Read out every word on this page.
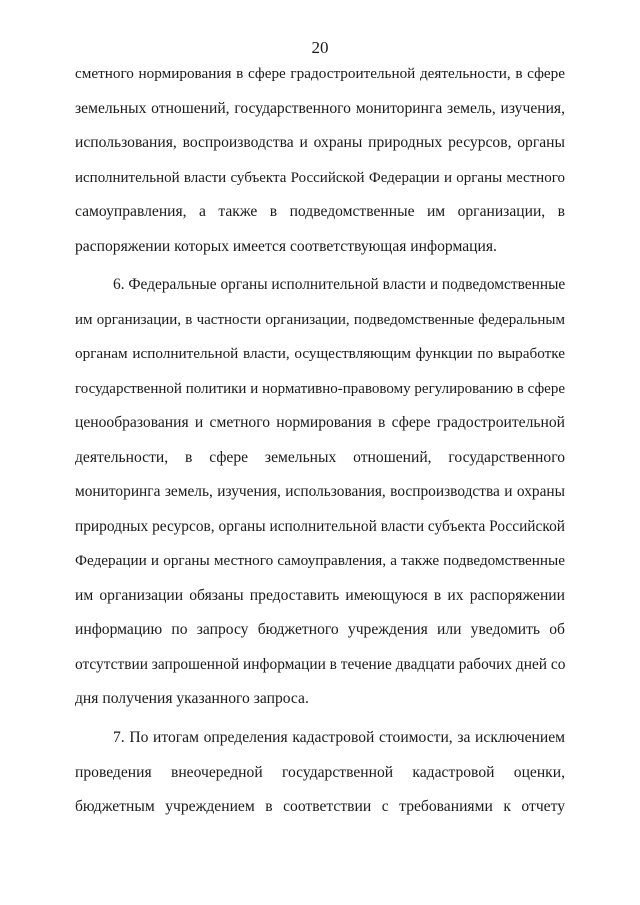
20
сметного нормирования в сфере градостроительной деятельности, в сфере
земельных отношений, государственного мониторинга земель, изучения,
использования, воспроизводства и охраны природных ресурсов, органы
исполнительной власти субъекта Российской Федерации и органы местного
самоуправления, а также в подведомственные им организации, в
распоряжении которых имеется соответствующая информация.
6. Федеральные органы исполнительной власти и подведомственные
им организации, в частности организации, подведомственные федеральным
органам исполнительной власти, осуществляющим функции по выработке
государственной политики и нормативно-правовому регулированию в сфере
ценообразования и сметного нормирования в сфере градостроительной
деятельности, в сфере земельных отношений, государственного
мониторинга земель, изучения, использования, воспроизводства и охраны
природных ресурсов, органы исполнительной власти субъекта Российской
Федерации и органы местного самоуправления, а также подведомственные
им организации обязаны предоставить имеющуюся в их распоряжении
информацию по запросу бюджетного учреждения или уведомить об
отсутствии запрошенной информации в течение двадцати рабочих дней со
дня получения указанного запроса.
7. По итогам определения кадастровой стоимости, за исключением
проведения внеочередной государственной кадастровой оценки,
бюджетным учреждением в соответствии с требованиями к отчету
